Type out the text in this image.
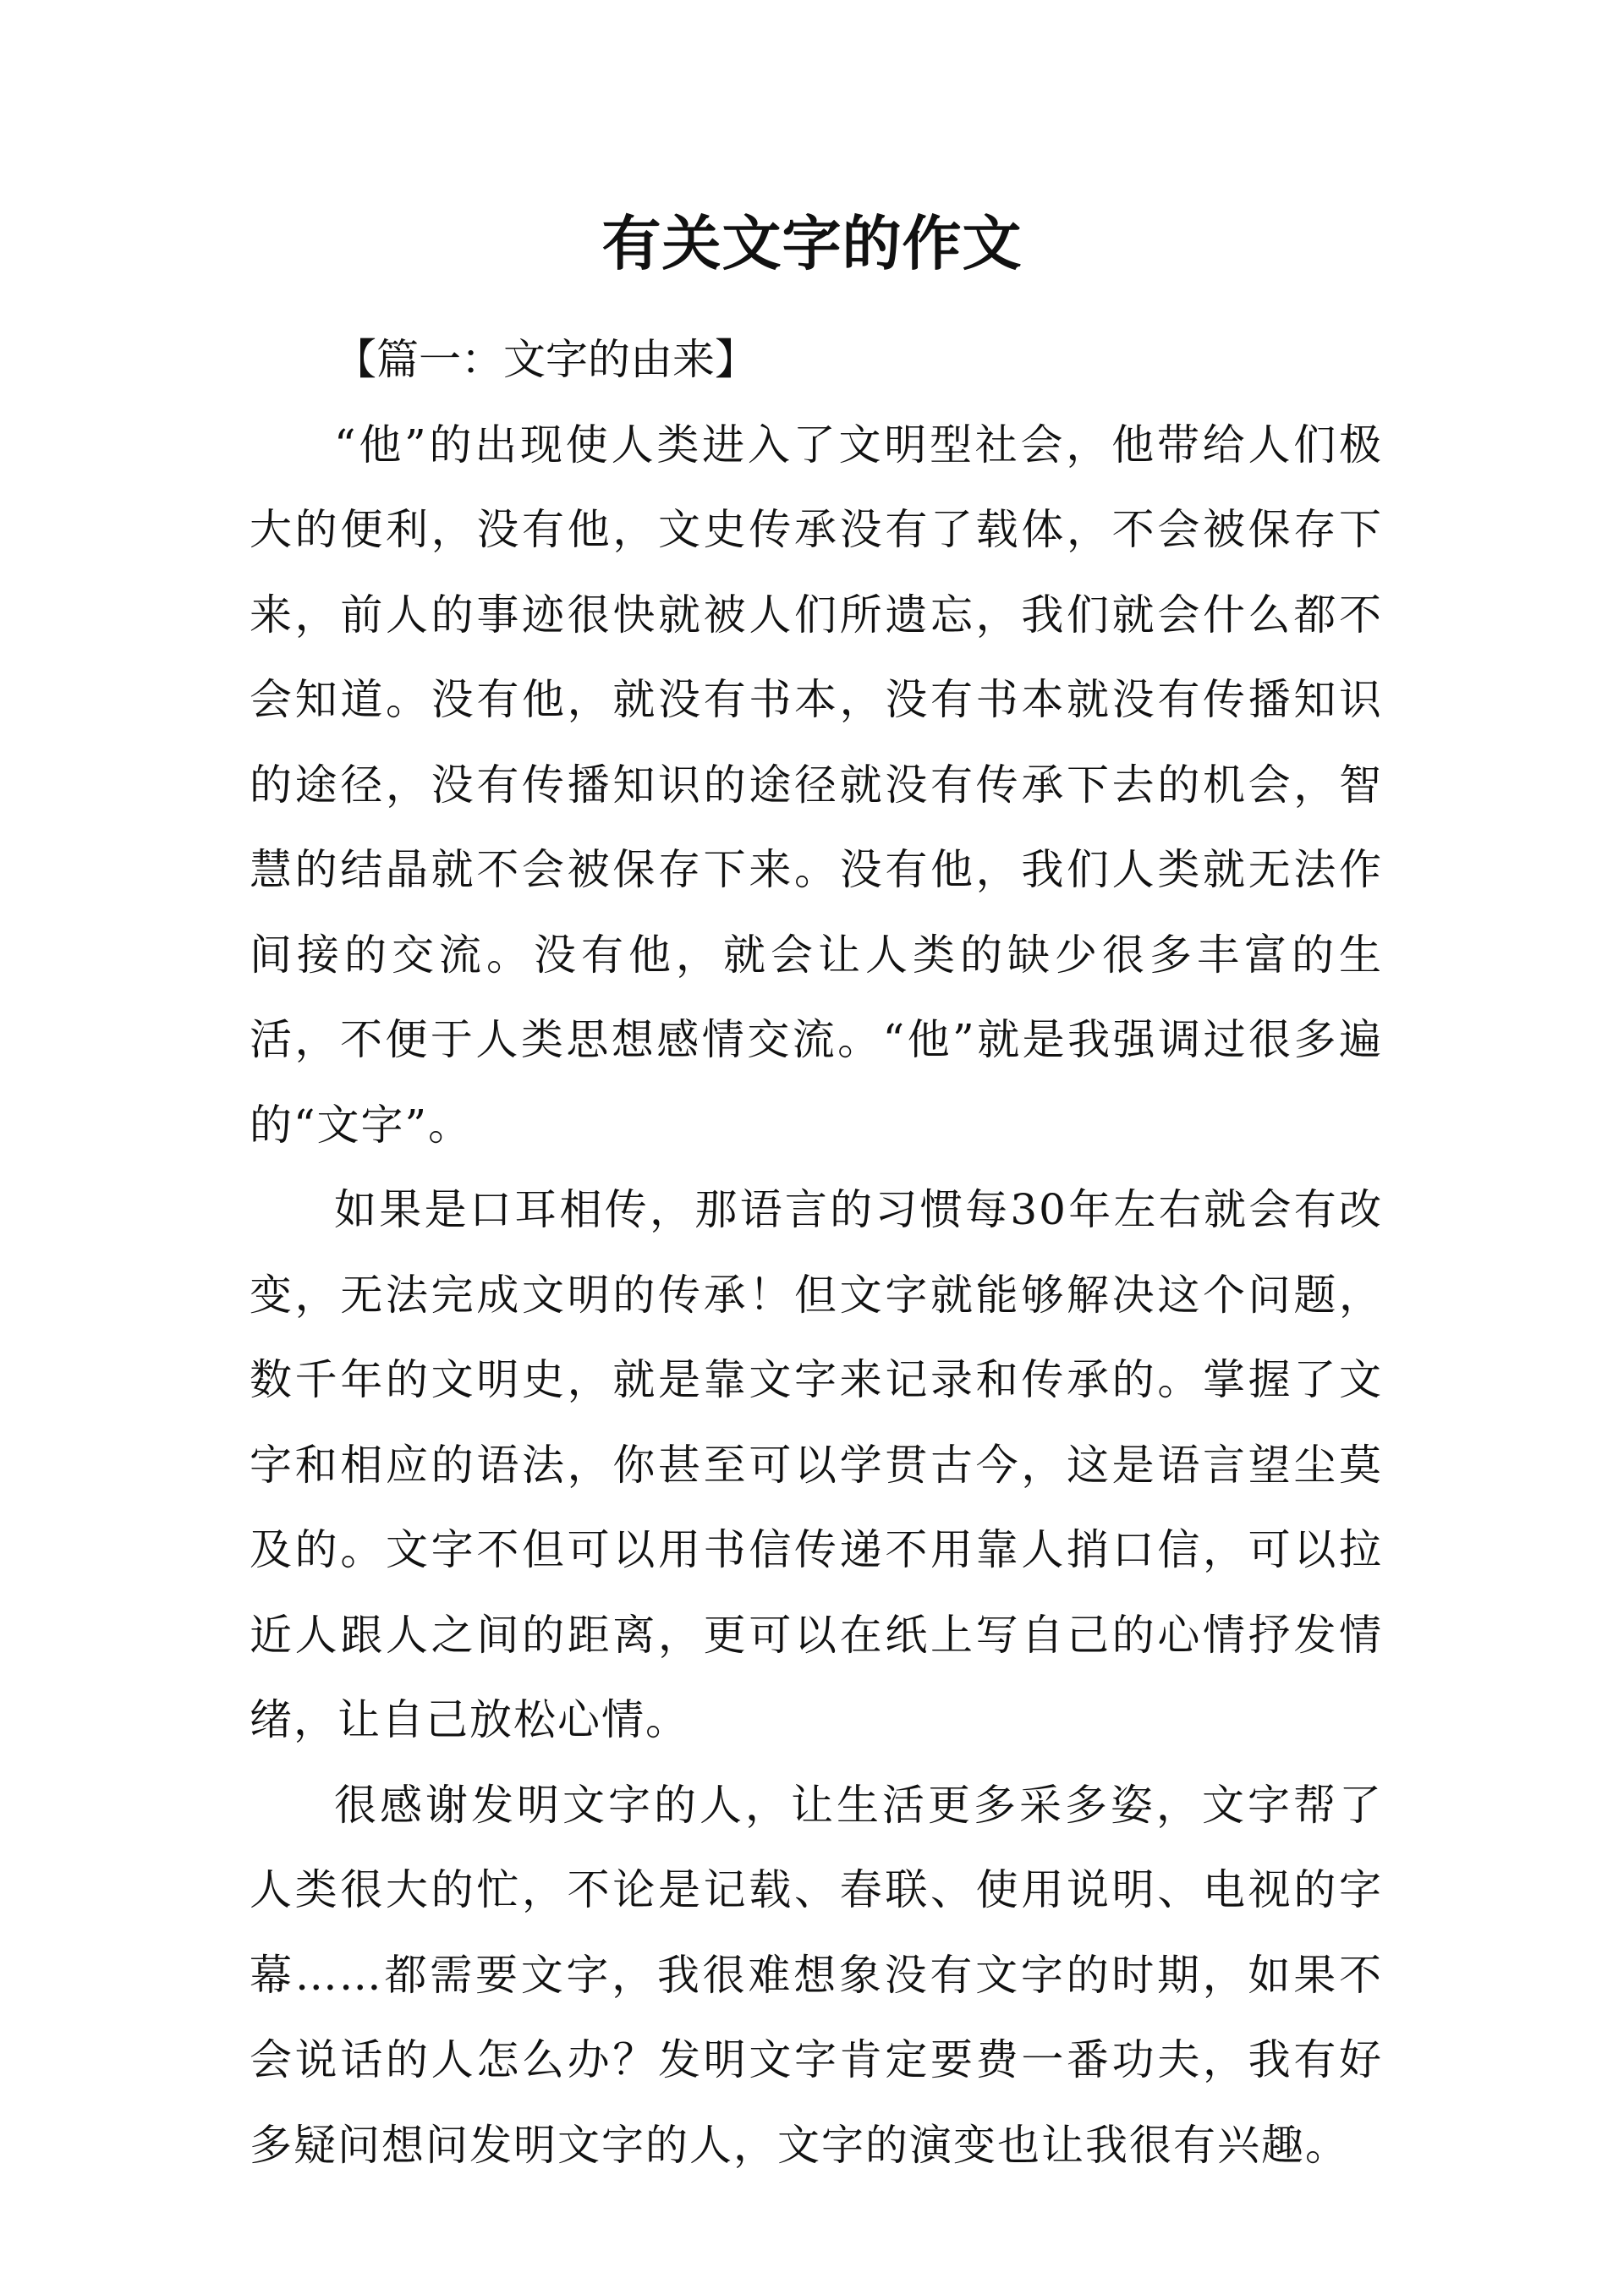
有关文字的作文
【篇一：文字的由来】

“他”的出现使人类进入了文明型社会，他带给人们极大的便利，没有他，文史传承没有了载体，不会被保存下来，前人的事迹很快就被人们所遗忘，我们就会什么都不会知道。没有他，就没有书本，没有书本就没有传播知识的途径，没有传播知识的途径就没有传承下去的机会，智慧的结晶就不会被保存下来。没有他，我们人类就无法作间接的交流。没有他，就会让人类的缺少很多丰富的生活，不便于人类思想感情交流。“他”就是我强调过很多遍的“文字”。

如果是口耳相传，那语言的习惯每30年左右就会有改变，无法完成文明的传承！但文字就能够解决这个问题，数千年的文明史，就是靠文字来记录和传承的。掌握了文字和相应的语法，你甚至可以学贯古今，这是语言望尘莫及的。文字不但可以用书信传递不用靠人捎口信，可以拉近人跟人之间的距离，更可以在纸上写自己的心情抒发情绪，让自己放松心情。

很感谢发明文字的人，让生活更多采多姿，文字帮了人类很大的忙，不论是记载、春联、使用说明、电视的字幕……都需要文字，我很难想象没有文字的时期，如果不会说话的人怎么办？发明文字肯定要费一番功夫，我有好多疑问想问发明文字的人，文字的演变也让我很有兴趣。
